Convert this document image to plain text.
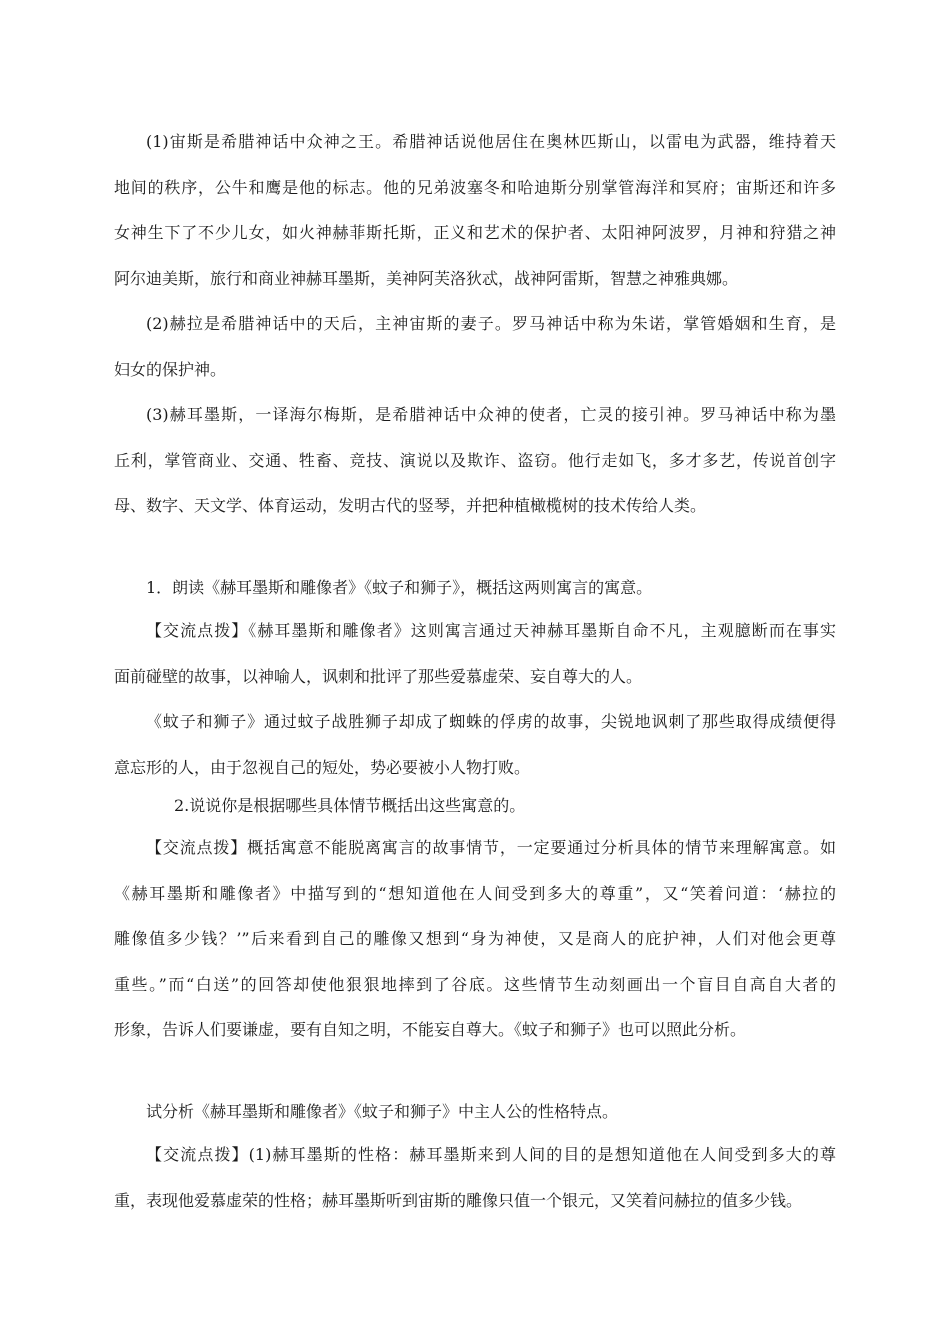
(1)宙斯是希腊神话中众神之王。希腊神话说他居住在奥林匹斯山，以雷电为武器，维持着天
地间的秩序，公牛和鹰是他的标志。他的兄弟波塞冬和哈迪斯分别掌管海洋和冥府；宙斯还和许多
女神生下了不少儿女，如火神赫菲斯托斯，正义和艺术的保护者、太阳神阿波罗，月神和狩猎之神
阿尔迪美斯，旅行和商业神赫耳墨斯，美神阿芙洛狄忒，战神阿雷斯，智慧之神雅典娜。
(2)赫拉是希腊神话中的天后，主神宙斯的妻子。罗马神话中称为朱诺，掌管婚姻和生育，是
妇女的保护神。
(3)赫耳墨斯，一译海尔梅斯，是希腊神话中众神的使者，亡灵的接引神。罗马神话中称为墨
丘利，掌管商业、交通、牲畜、竞技、演说以及欺诈、盗窃。他行走如飞，多才多艺，传说首创字
母、数字、天文学、体育运动，发明古代的竖琴，并把种植橄榄树的技术传给人类。
1．朗读《赫耳墨斯和雕像者》《蚊子和狮子》，概括这两则寓言的寓意。
【交流点拨】《赫耳墨斯和雕像者》这则寓言通过天神赫耳墨斯自命不凡，主观臆断而在事实
面前碰壁的故事，以神喻人，讽刺和批评了那些爱慕虚荣、妄自尊大的人。
《蚊子和狮子》通过蚊子战胜狮子却成了蜘蛛的俘虏的故事，尖锐地讽刺了那些取得成绩便得
意忘形的人，由于忽视自己的短处，势必要被小人物打败。
2.说说你是根据哪些具体情节概括出这些寓意的。
【交流点拨】概括寓意不能脱离寓言的故事情节，一定要通过分析具体的情节来理解寓意。如
《赫耳墨斯和雕像者》中描写到的“想知道他在人间受到多大的尊重”，又“笑着问道：‘赫拉的
雕像值多少钱？’”后来看到自己的雕像又想到“身为神使，又是商人的庇护神，人们对他会更尊
重些。”而“白送”的回答却使他狠狠地摔到了谷底。这些情节生动刻画出一个盲目自高自大者的
形象，告诉人们要谦虚，要有自知之明，不能妄自尊大。《蚊子和狮子》也可以照此分析。
试分析《赫耳墨斯和雕像者》《蚊子和狮子》中主人公的性格特点。
【交流点拨】(1)赫耳墨斯的性格：赫耳墨斯来到人间的目的是想知道他在人间受到多大的尊
重，表现他爱慕虚荣的性格；赫耳墨斯听到宙斯的雕像只值一个银元，又笑着问赫拉的值多少钱。
